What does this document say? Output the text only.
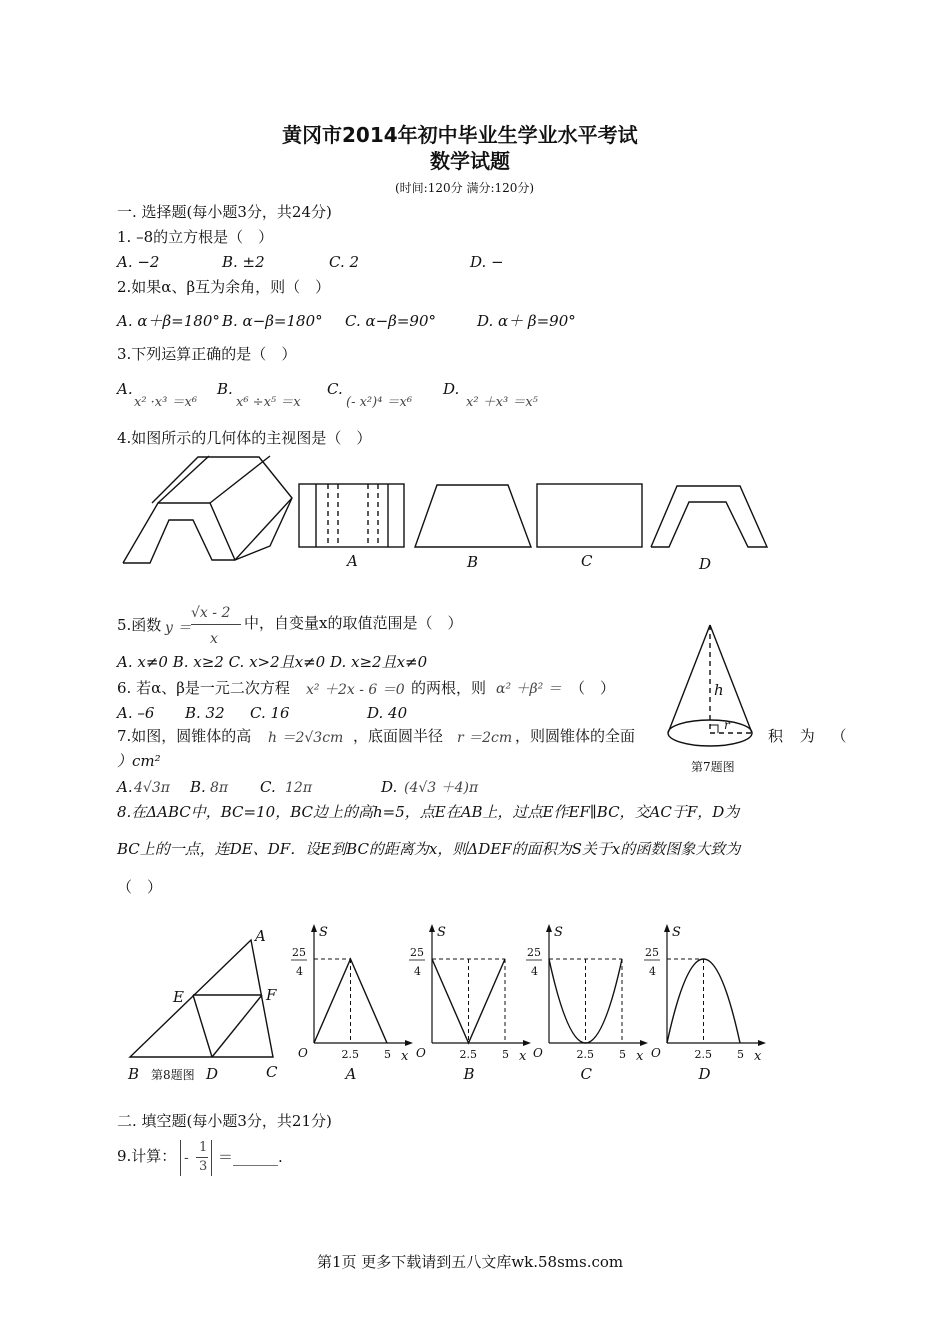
黄冈市2014年初中毕业生学业水平考试
数学试题
(时间:120分 满分:120分)
一. 选择题(每小题3分，共24分)
1. –8的立方根是（　）
A. −2	B. ±2	C. 2	D. −
2.如果α、β互为余角，则（　）
A. α＋β=180° B. α−β=180° C. α−β=90°	D. α＋ β=90°
3.下列运算正确的是（　）
A.
x² ·x³ ＝x⁶
B.
x⁶ ÷x⁵ ＝x
C.
(- x²)⁴ ＝x⁶
D.
x² ＋x³ ＝x⁵
4.如图所示的几何体的主视图是（　）
A	B	C	D
5.函数 y ＝
√x - 2
x
中，自变量x的取值范围是（　）
A. x≠0 B. x≥2 C. x>2且x≠0 D. x≥2且x≠0
6. 若α、β是一元二次方程 x² ＋2x - 6 ＝0 的两根，则 α² ＋β² ＝ （　）
A. –6 B. 32 C. 16	D. 40
7.如图，圆锥体的高 h ＝2√3cm ，底面圆半径 r ＝2cm ，则圆锥体的全面	积 为 （
）cm²
A. 4√3π B. 8π C. 12π	D. (4√3 ＋4)π
h
r
第7题图
8.在ΔABC中，BC=10，BC边上的高h=5，点E在AB上，过点E作EF∥BC，交AC于F，D为
BC上的一点，连DE、DF．设E到BC的距离为x，则ΔDEF的面积为S关于x的函数图象大致为
（　）
A
E	F
B	D	C
第8题图
S
25
4
O	2.5 5 x
A
S
25
4
O	2.5 5 x
B
S
25
4
O	2.5 5 x
C
S
25
4
O	2.5 5 x
D
二. 填空题(每小题3分，共21分)
9.计算： -
1
3
＝______.
第1页 更多下载请到五八文库wk.58sms.com
